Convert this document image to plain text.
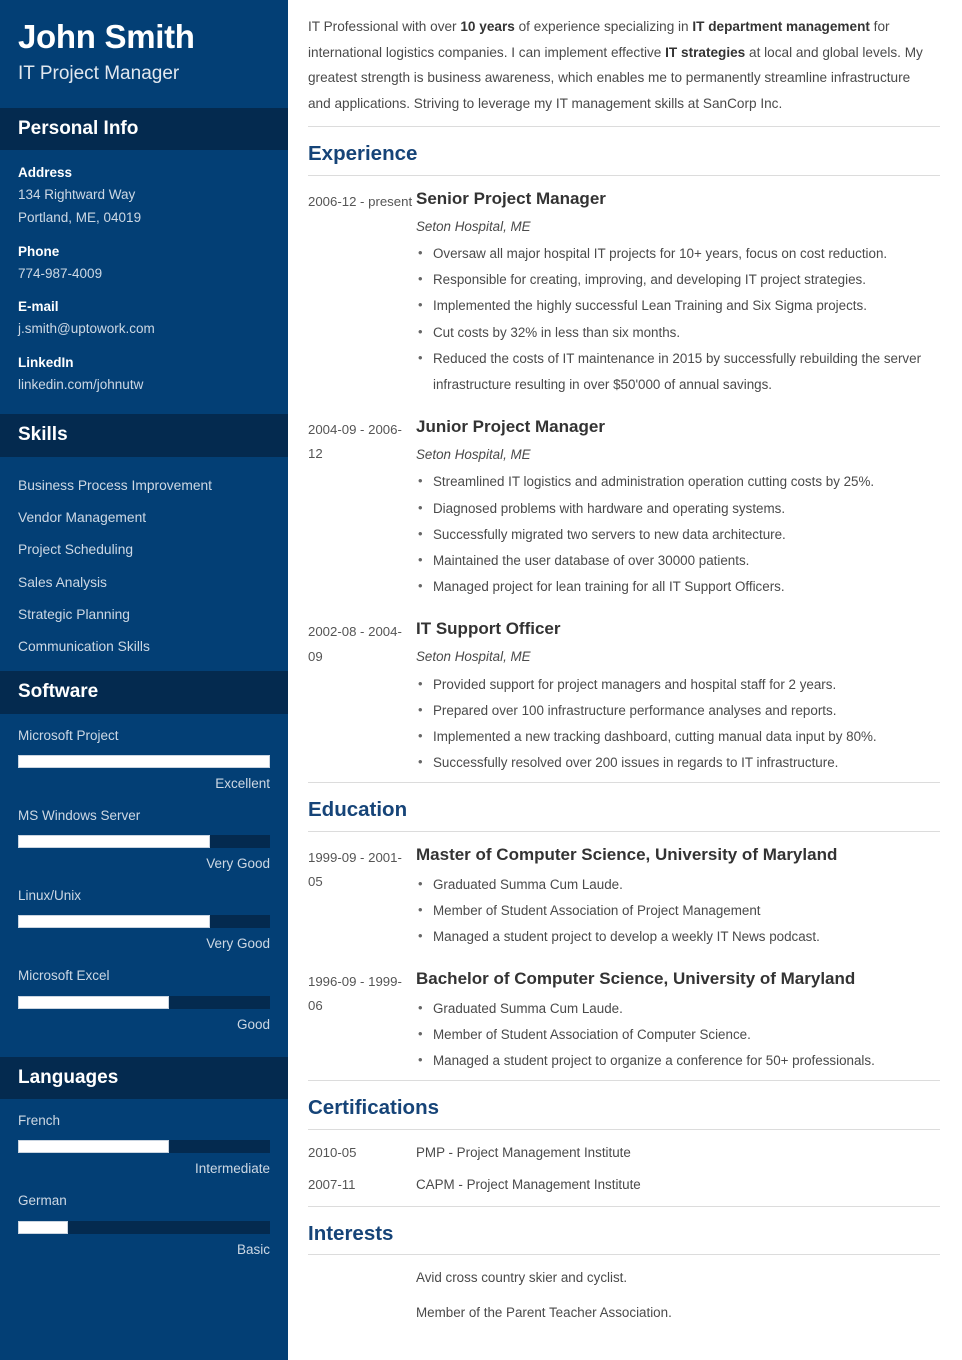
John Smith
IT Project Manager
Personal Info
Address
134 Rightward Way
Portland, ME, 04019
Phone
774-987-4009
E-mail
j.smith@uptowork.com
LinkedIn
linkedin.com/johnutw
Skills
Business Process Improvement
Vendor Management
Project Scheduling
Sales Analysis
Strategic Planning
Communication Skills
Software
Microsoft Project
Excellent
MS Windows Server
Very Good
Linux/Unix
Very Good
Microsoft Excel
Good
Languages
French
Intermediate
German
Basic

IT Professional with over 10 years of experience specializing in IT department management for international logistics companies. I can implement effective IT strategies at local and global levels. My greatest strength is business awareness, which enables me to permanently streamline infrastructure and applications. Striving to leverage my IT management skills at SanCorp Inc.

Experience
2006-12 - present Senior Project Manager
Seton Hospital, ME
• Oversaw all major hospital IT projects for 10+ years, focus on cost reduction.
• Responsible for creating, improving, and developing IT project strategies.
• Implemented the highly successful Lean Training and Six Sigma projects.
• Cut costs by 32% in less than six months.
• Reduced the costs of IT maintenance in 2015 by successfully rebuilding the server infrastructure resulting in over $50'000 of annual savings.
2004-09 - 2006-12
Junior Project Manager
Seton Hospital, ME
• Streamlined IT logistics and administration operation cutting costs by 25%.
• Diagnosed problems with hardware and operating systems.
• Successfully migrated two servers to new data architecture.
• Maintained the user database of over 30000 patients.
• Managed project for lean training for all IT Support Officers.
2002-08 - 2004-09
IT Support Officer
Seton Hospital, ME
• Provided support for project managers and hospital staff for 2 years.
• Prepared over 100 infrastructure performance analyses and reports.
• Implemented a new tracking dashboard, cutting manual data input by 80%.
• Successfully resolved over 200 issues in regards to IT infrastructure.
Education
1999-09 - 2001-05
Master of Computer Science, University of Maryland
• Graduated Summa Cum Laude.
• Member of Student Association of Project Management
• Managed a student project to develop a weekly IT News podcast.
1996-09 - 1999-06
Bachelor of Computer Science, University of Maryland
• Graduated Summa Cum Laude.
• Member of Student Association of Computer Science.
• Managed a student project to organize a conference for 50+ professionals.
Certifications
2010-05	PMP - Project Management Institute
2007-11	CAPM - Project Management Institute
Interests
Avid cross country skier and cyclist.
Member of the Parent Teacher Association.
